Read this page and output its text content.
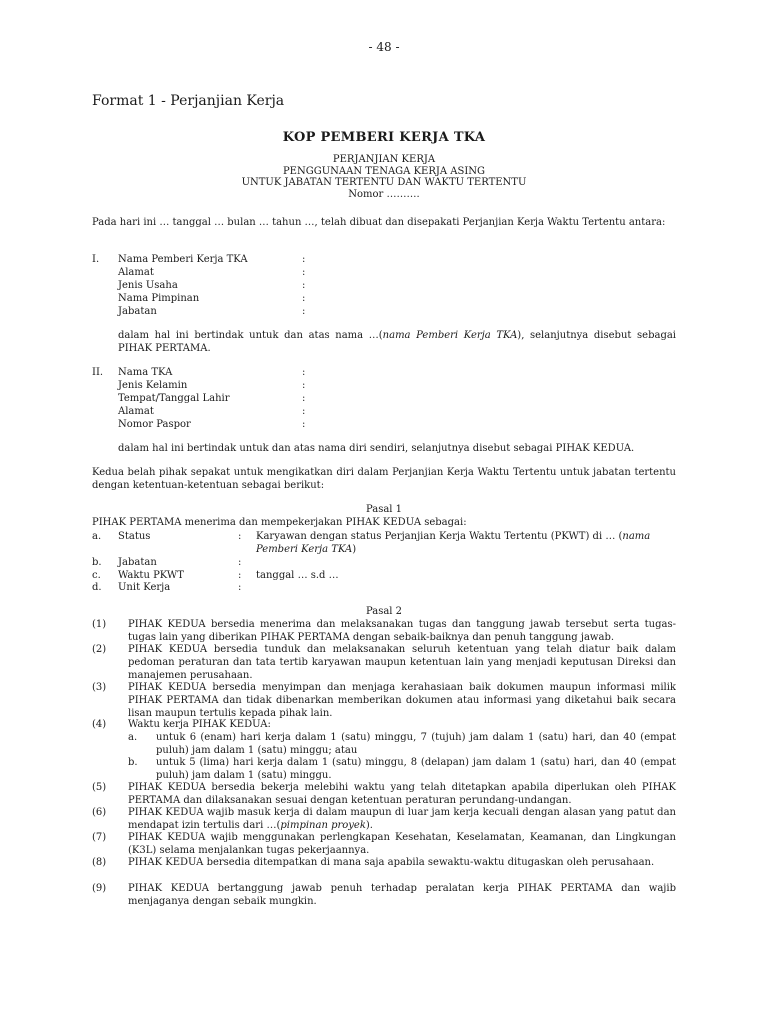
- 48 -
Format 1 - Perjanjian Kerja
KOP PEMBERI KERJA TKA
PERJANJIAN KERJA
PENGGUNAAN TENAGA KERJA ASING
UNTUK JABATAN TERTENTU DAN WAKTU TERTENTU
Nomor ……….
Pada hari ini … tanggal … bulan … tahun …, telah dibuat dan disepakati Perjanjian Kerja Waktu Tertentu antara:
I. Nama Pemberi Kerja TKA	:
Alamat	:
Jenis Usaha	:
Nama Pimpinan	:
Jabatan	:
dalam hal ini bertindak untuk dan atas nama …(nama Pemberi Kerja TKA), selanjutnya disebut sebagai PIHAK PERTAMA.
II. Nama TKA	:
Jenis Kelamin	:
Tempat/Tanggal Lahir	:
Alamat	:
Nomor Paspor	:
dalam hal ini bertindak untuk dan atas nama diri sendiri, selanjutnya disebut sebagai PIHAK KEDUA.
Kedua belah pihak sepakat untuk mengikatkan diri dalam Perjanjian Kerja Waktu Tertentu untuk jabatan tertentu dengan ketentuan-ketentuan sebagai berikut:
Pasal 1
PIHAK PERTAMA menerima dan mempekerjakan PIHAK KEDUA sebagai:
a. Status	: Karyawan dengan status Perjanjian Kerja Waktu Tertentu (PKWT) di … (nama Pemberi Kerja TKA)
b. Jabatan	:
c. Waktu PKWT	: tanggal … s.d …
d. Unit Kerja	:
Pasal 2
(1) PIHAK KEDUA bersedia menerima dan melaksanakan tugas dan tanggung jawab tersebut serta tugas-tugas lain yang diberikan PIHAK PERTAMA dengan sebaik-baiknya dan penuh tanggung jawab.
(2) PIHAK KEDUA bersedia tunduk dan melaksanakan seluruh ketentuan yang telah diatur baik dalam pedoman peraturan dan tata tertib karyawan maupun ketentuan lain yang menjadi keputusan Direksi dan manajemen perusahaan.
(3) PIHAK KEDUA bersedia menyimpan dan menjaga kerahasiaan baik dokumen maupun informasi milik PIHAK PERTAMA dan tidak dibenarkan memberikan dokumen atau informasi yang diketahui baik secara lisan maupun tertulis kepada pihak lain.
(4) Waktu kerja PIHAK KEDUA:
a. untuk 6 (enam) hari kerja dalam 1 (satu) minggu, 7 (tujuh) jam dalam 1 (satu) hari, dan 40 (empat puluh) jam dalam 1 (satu) minggu; atau
b. untuk 5 (lima) hari kerja dalam 1 (satu) minggu, 8 (delapan) jam dalam 1 (satu) hari, dan 40 (empat puluh) jam dalam 1 (satu) minggu.
(5) PIHAK KEDUA bersedia bekerja melebihi waktu yang telah ditetapkan apabila diperlukan oleh PIHAK PERTAMA dan dilaksanakan sesuai dengan ketentuan peraturan perundang-undangan.
(6) PIHAK KEDUA wajib masuk kerja di dalam maupun di luar jam kerja kecuali dengan alasan yang patut dan mendapat izin tertulis dari …(pimpinan proyek).
(7) PIHAK KEDUA wajib menggunakan perlengkapan Kesehatan, Keselamatan, Keamanan, dan Lingkungan (K3L) selama menjalankan tugas pekerjaannya.
(8) PIHAK KEDUA bersedia ditempatkan di mana saja apabila sewaktu-waktu ditugaskan oleh perusahaan.
(9) PIHAK KEDUA bertanggung jawab penuh terhadap peralatan kerja PIHAK PERTAMA dan wajib menjaganya dengan sebaik mungkin.
